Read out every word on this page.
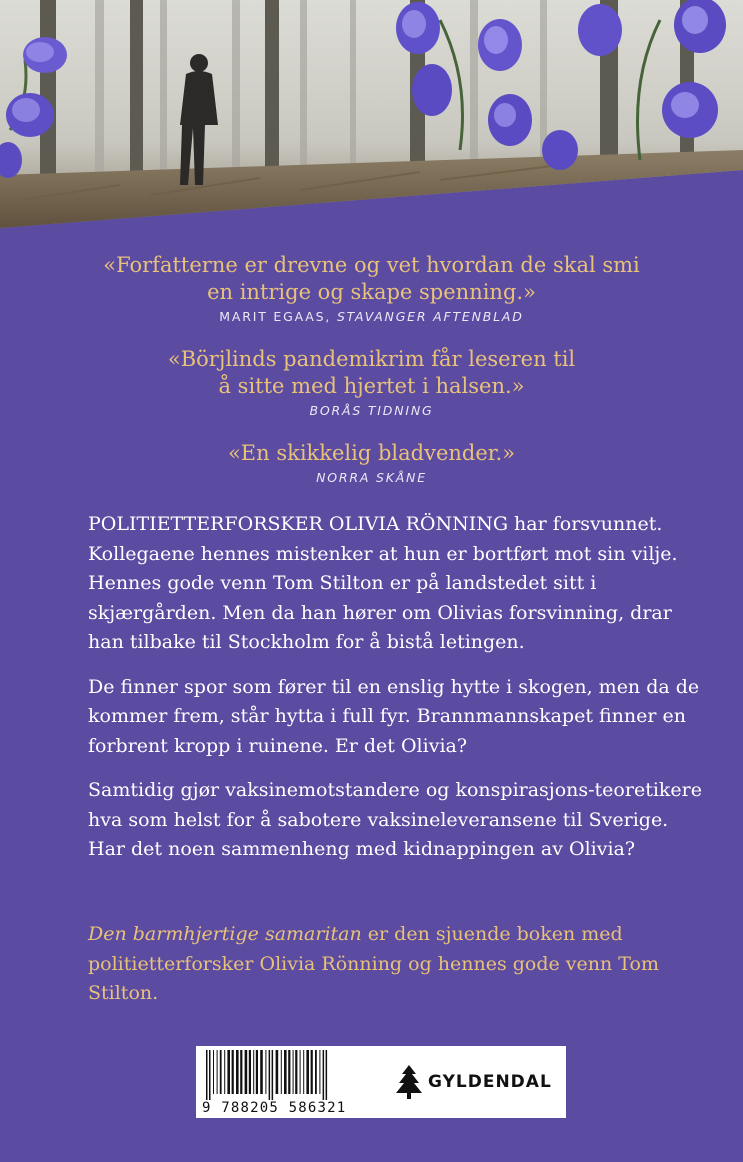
«Forfatterne er drevne og vet hvordan de skal smi
en intrige og skape spenning.»

MARIT EGAAS, STAVANGER AFTENBLAD

«Börjlinds pandemikrim får leseren til
å sitte med hjertet i halsen.»

BORÅS TIDNING

«En skikkelig bladvender.»

NORRA SKÅNE

POLITIETTERFORSKER OLIVIA RÖNNING har forsvunnet. Kollegaene hennes mistenker at hun er bortført mot sin vilje. Hennes gode venn Tom Stilton er på landstedet sitt i skjærgården. Men da han hører om Olivias forsvinning, drar han tilbake til Stockholm for å bistå letingen.

De finner spor som fører til en enslig hytte i skogen, men da de kommer frem, står hytta i full fyr. Brannmannskapet finner en forbrent kropp i ruinene. Er det Olivia?

Samtidig gjør vaksinemotstandere og konspirasjons-teoretikere hva som helst for å sabotere vaksineleveransene til Sverige. Har det noen sammenheng med kidnappingen av Olivia?

Den barmhjertige samaritan er den sjuende boken med politietterforsker Olivia Rönning og hennes gode venn Tom Stilton.

9 788205 586321
GYLDENDAL
